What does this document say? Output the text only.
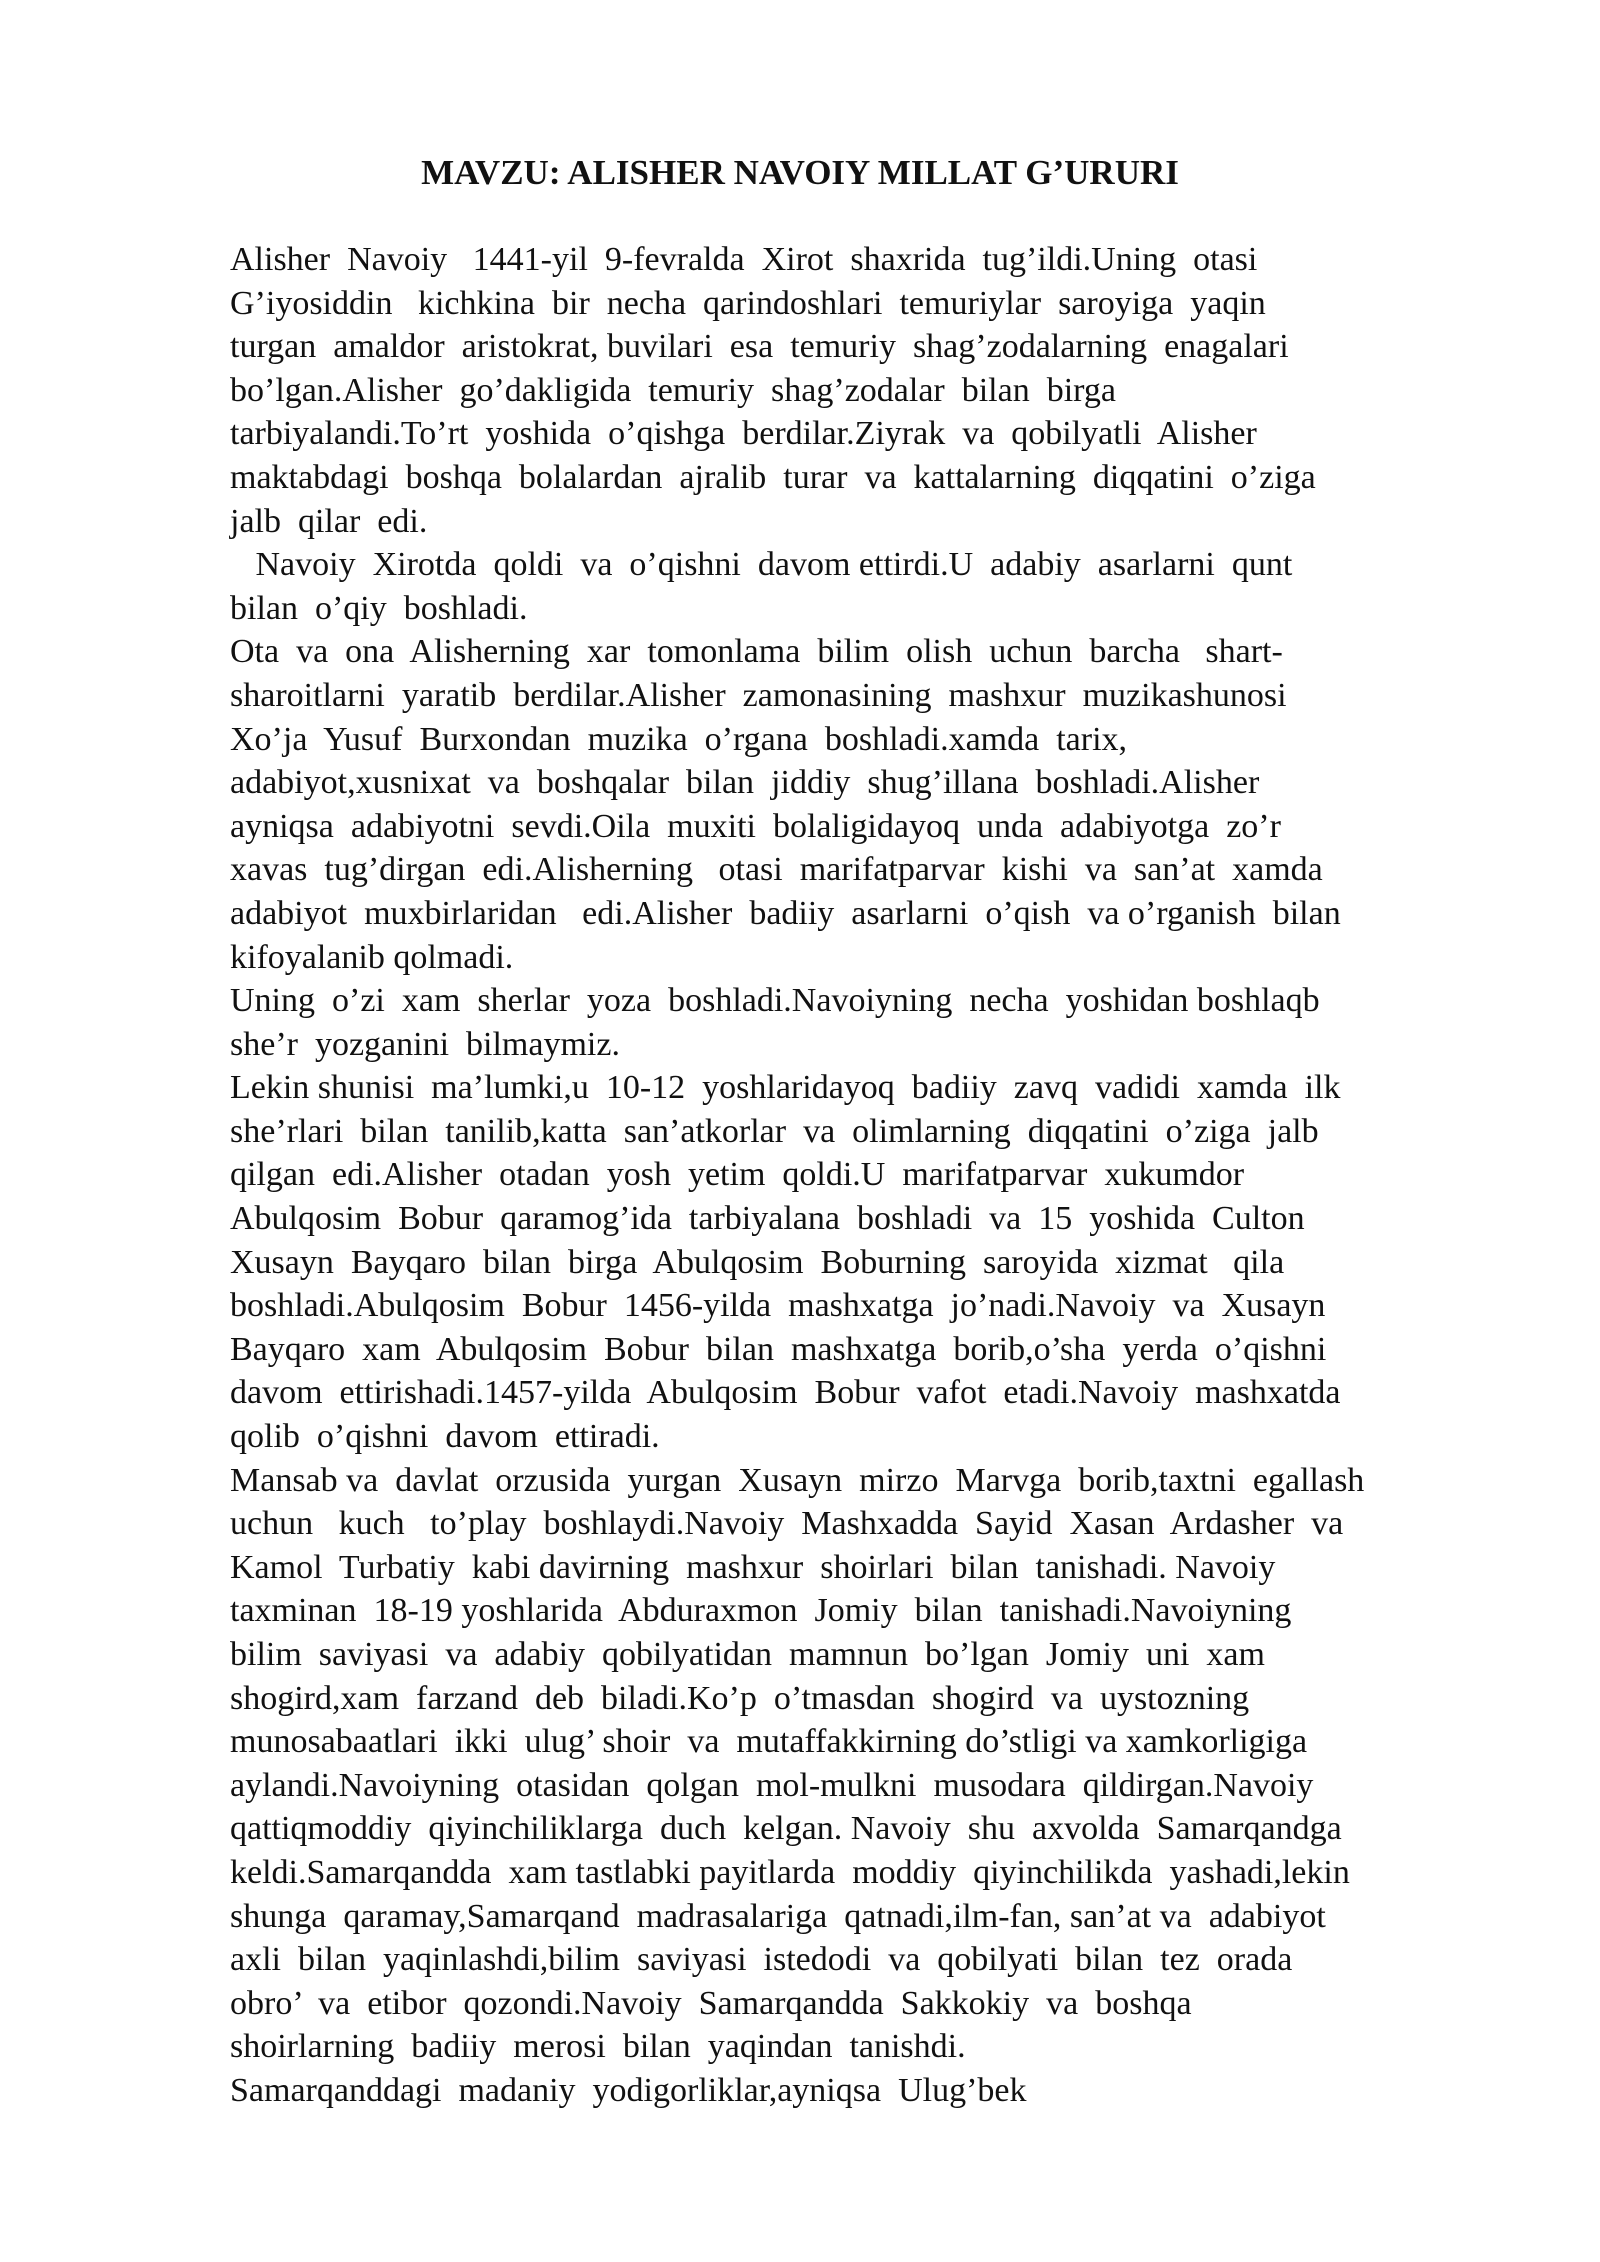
MAVZU: ALISHER NAVOIY MILLAT G’URURI

Alisher  Navoiy   1441-yil  9-fevralda  Xirot  shaxrida  tug’ildi.Uning  otasi

G’iyosiddin   kichkina  bir  necha  qarindoshlari  temuriylar  saroyiga  yaqin

turgan  amaldor  aristokrat, buvilari  esa  temuriy  shag’zodalarning  enagalari

bo’lgan.Alisher  go’dakligida  temuriy  shag’zodalar  bilan  birga

tarbiyalandi.To’rt  yoshida  o’qishga  berdilar.Ziyrak  va  qobilyatli  Alisher

maktabdagi  boshqa  bolalardan  ajralib  turar  va  kattalarning  diqqatini  o’ziga

jalb  qilar  edi.

Navoiy  Xirotda  qoldi  va  o’qishni  davom ettirdi.U  adabiy  asarlarni  qunt

bilan  o’qiy  boshladi.

Ota  va  ona  Alisherning  xar  tomonlama  bilim  olish  uchun  barcha   shart-

sharoitlarni  yaratib  berdilar.Alisher  zamonasining  mashxur  muzikashunosi

Xo’ja  Yusuf  Burxondan  muzika  o’rgana  boshladi.xamda  tarix,

adabiyot,xusnixat  va  boshqalar  bilan  jiddiy  shug’illana  boshladi.Alisher

ayniqsa  adabiyotni  sevdi.Oila  muxiti  bolaligidayoq  unda  adabiyotga  zo’r

xavas  tug’dirgan  edi.Alisherning   otasi  marifatparvar  kishi  va  san’at  xamda

adabiyot  muxbirlaridan   edi.Alisher  badiiy  asarlarni  o’qish  va o’rganish  bilan

kifoyalanib qolmadi.

Uning  o’zi  xam  sherlar  yoza  boshladi.Navoiyning  necha  yoshidan boshlaqb

she’r  yozganini  bilmaymiz.

Lekin shunisi  ma’lumki,u  10-12  yoshlaridayoq  badiiy  zavq  vadidi  xamda  ilk

she’rlari  bilan  tanilib,katta  san’atkorlar  va  olimlarning  diqqatini  o’ziga  jalb

qilgan  edi.Alisher  otadan  yosh  yetim  qoldi.U  marifatparvar  xukumdor

Abulqosim  Bobur  qaramog’ida  tarbiyalana  boshladi  va  15  yoshida  Culton

Xusayn  Bayqaro  bilan  birga  Abulqosim  Boburning  saroyida  xizmat   qila

boshladi.Abulqosim  Bobur  1456-yilda  mashxatga  jo’nadi.Navoiy  va  Xusayn

Bayqaro  xam  Abulqosim  Bobur  bilan  mashxatga  borib,o’sha  yerda  o’qishni

davom  ettirishadi.1457-yilda  Abulqosim  Bobur  vafot  etadi.Navoiy  mashxatda

qolib  o’qishni  davom  ettiradi.

Mansab va  davlat  orzusida  yurgan  Xusayn  mirzo  Marvga  borib,taxtni  egallash

uchun   kuch   to’play  boshlaydi.Navoiy  Mashxadda  Sayid  Xasan  Ardasher  va

Kamol  Turbatiy  kabi davirning  mashxur  shoirlari  bilan  tanishadi. Navoiy

taxminan  18-19 yoshlarida  Abduraxmon  Jomiy  bilan  tanishadi.Navoiyning

bilim  saviyasi  va  adabiy  qobilyatidan  mamnun  bo’lgan  Jomiy  uni  xam

shogird,xam  farzand  deb  biladi.Ko’p  o’tmasdan  shogird  va  uystozning

munosabaatlari  ikki  ulug’ shoir  va  mutaffakkirning do’stligi va xamkorligiga

aylandi.Navoiyning  otasidan  qolgan  mol-mulkni  musodara  qildirgan.Navoiy

qattiqmoddiy  qiyinchiliklarga  duch  kelgan. Navoiy  shu  axvolda  Samarqandga

keldi.Samarqandda  xam tastlabki payitlarda  moddiy  qiyinchilikda  yashadi,lekin

shunga  qaramay,Samarqand  madrasalariga  qatnadi,ilm-fan, san’at va  adabiyot

axli  bilan  yaqinlashdi,bilim  saviyasi  istedodi  va  qobilyati  bilan  tez  orada

obro’  va  etibor  qozondi.Navoiy  Samarqandda  Sakkokiy  va  boshqa

shoirlarning  badiiy  merosi  bilan  yaqindan  tanishdi.

Samarqanddagi  madaniy  yodigorliklar,ayniqsa  Ulug’bek
